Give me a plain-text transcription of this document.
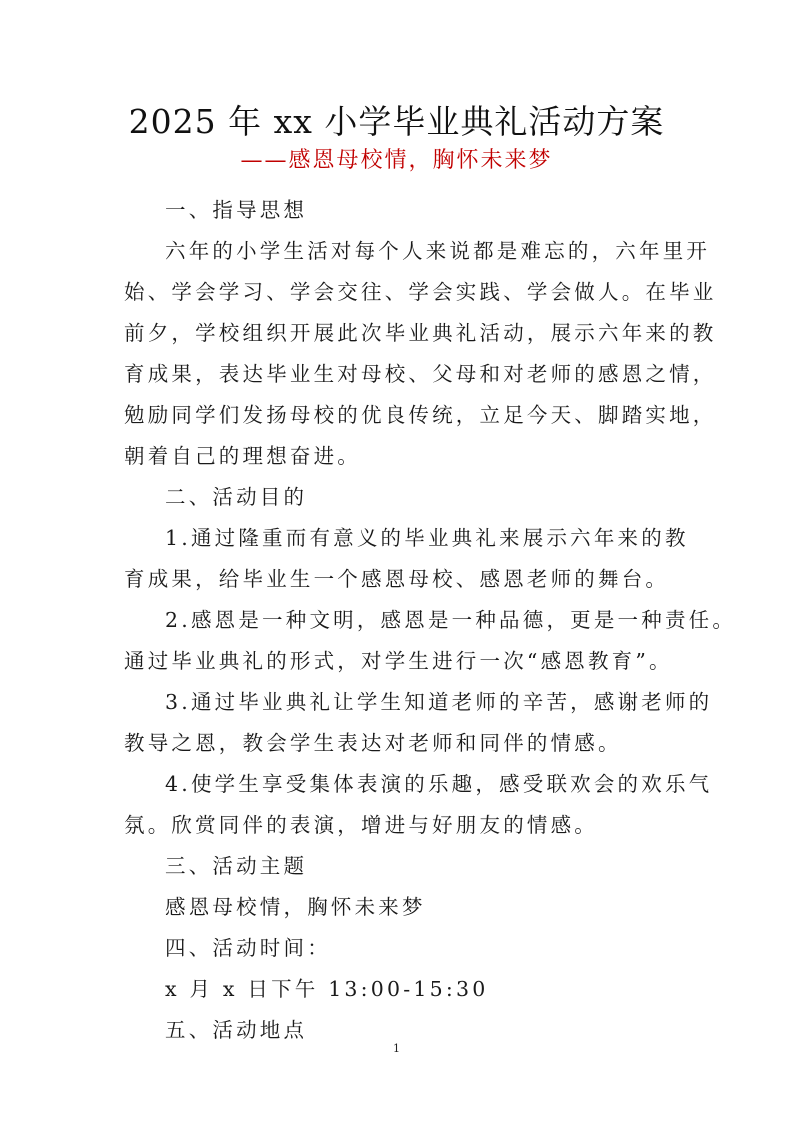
2025 年 xx 小学毕业典礼活动方案
——感恩母校情，胸怀未来梦
一、指导思想
六年的小学生活对每个人来说都是难忘的，六年里开
始、学会学习、学会交往、学会实践、学会做人。在毕业
前夕，学校组织开展此次毕业典礼活动，展示六年来的教
育成果，表达毕业生对母校、父母和对老师的感恩之情，
勉励同学们发扬母校的优良传统，立足今天、脚踏实地，
朝着自己的理想奋进。
二、活动目的
1.通过隆重而有意义的毕业典礼来展示六年来的教
育成果，给毕业生一个感恩母校、感恩老师的舞台。
2.感恩是一种文明，感恩是一种品德，更是一种责任。
通过毕业典礼的形式，对学生进行一次“感恩教育”。
3.通过毕业典礼让学生知道老师的辛苦，感谢老师的
教导之恩，教会学生表达对老师和同伴的情感。
4.使学生享受集体表演的乐趣，感受联欢会的欢乐气
氛。欣赏同伴的表演，增进与好朋友的情感。
三、活动主题
感恩母校情，胸怀未来梦
四、活动时间：
x 月 x 日下午 13:00-15:30
五、活动地点
1
